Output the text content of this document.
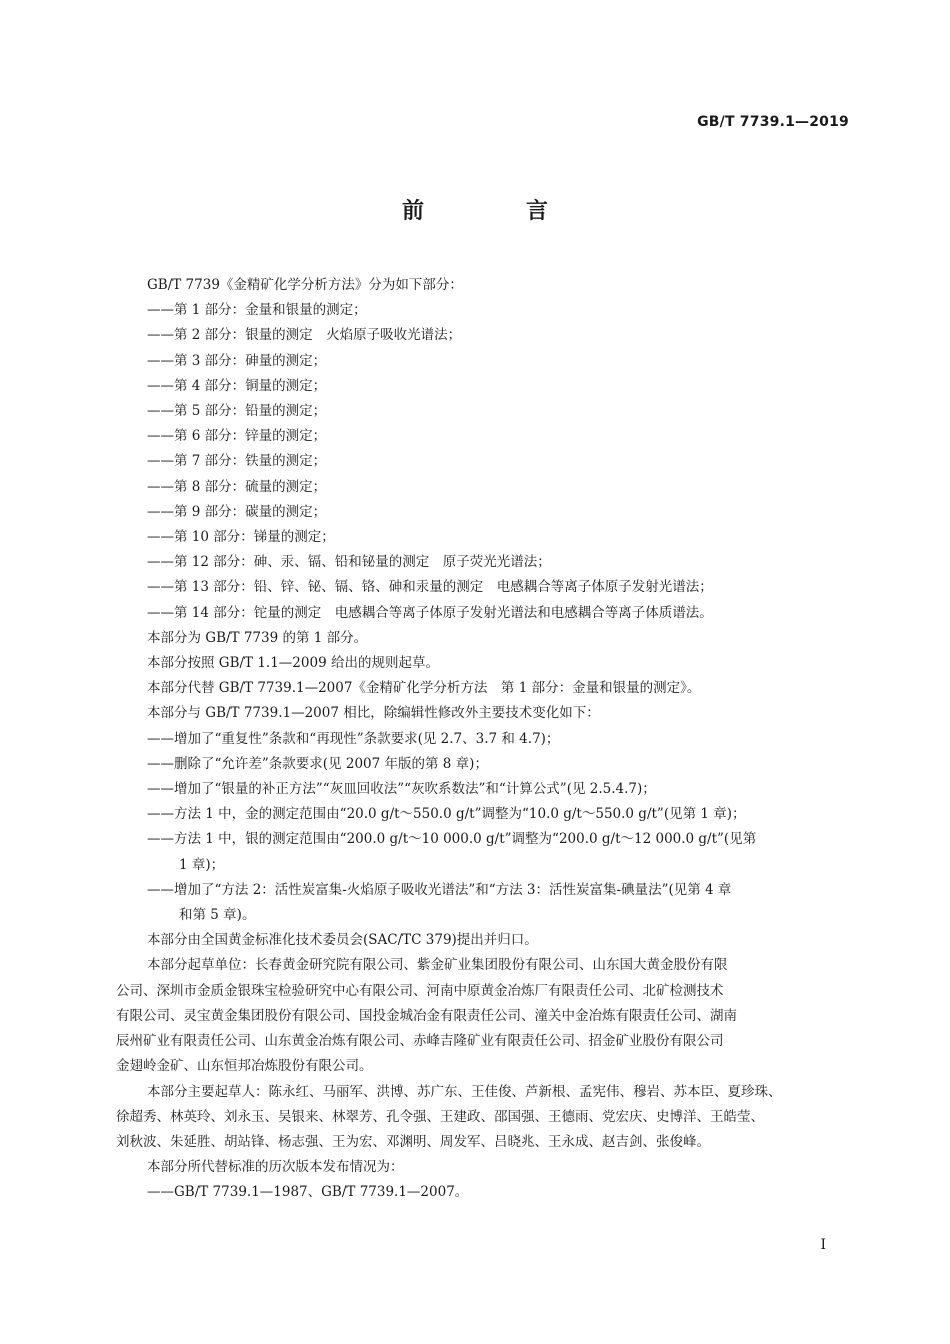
GB/T 7739.1—2019
前　言
GB/T 7739《金精矿化学分析方法》分为如下部分：
——第 1 部分：金量和银量的测定；
——第 2 部分：银量的测定　火焰原子吸收光谱法；
——第 3 部分：砷量的测定；
——第 4 部分：铜量的测定；
——第 5 部分：铅量的测定；
——第 6 部分：锌量的测定；
——第 7 部分：铁量的测定；
——第 8 部分：硫量的测定；
——第 9 部分：碳量的测定；
——第 10 部分：锑量的测定；
——第 12 部分：砷、汞、镉、铅和铋量的测定　原子荧光光谱法；
——第 13 部分：铅、锌、铋、镉、铬、砷和汞量的测定　电感耦合等离子体原子发射光谱法；
——第 14 部分：铊量的测定　电感耦合等离子体原子发射光谱法和电感耦合等离子体质谱法。
本部分为 GB/T 7739 的第 1 部分。
本部分按照 GB/T 1.1—2009 给出的规则起草。
本部分代替 GB/T 7739.1—2007《金精矿化学分析方法　第 1 部分：金量和银量的测定》。
本部分与 GB/T 7739.1—2007 相比，除编辑性修改外主要技术变化如下：
——增加了“重复性”条款和“再现性”条款要求(见 2.7、3.7 和 4.7)；
——删除了“允许差”条款要求(见 2007 年版的第 8 章)；
——增加了“银量的补正方法”“灰皿回收法”“灰吹系数法”和“计算公式”(见 2.5.4.7)；
——方法 1 中，金的测定范围由“20.0 g/t～550.0 g/t”调整为“10.0 g/t～550.0 g/t”(见第 1 章)；
——方法 1 中，银的测定范围由“200.0 g/t～10 000.0 g/t”调整为“200.0 g/t～12 000.0 g/t”(见第
1 章)；
——增加了“方法 2：活性炭富集-火焰原子吸收光谱法”和“方法 3：活性炭富集-碘量法”(见第 4 章
和第 5 章)。
本部分由全国黄金标准化技术委员会(SAC/TC 379)提出并归口。
本部分起草单位：长春黄金研究院有限公司、紫金矿业集团股份有限公司、山东国大黄金股份有限
公司、深圳市金质金银珠宝检验研究中心有限公司、河南中原黄金冶炼厂有限责任公司、北矿检测技术
有限公司、灵宝黄金集团股份有限公司、国投金城冶金有限责任公司、潼关中金冶炼有限责任公司、湖南
辰州矿业有限责任公司、山东黄金冶炼有限公司、赤峰吉隆矿业有限责任公司、招金矿业股份有限公司
金翅岭金矿、山东恒邦冶炼股份有限公司。
本部分主要起草人：陈永红、马丽军、洪博、苏广东、王佳俊、芦新根、孟宪伟、穆岩、苏本臣、夏珍珠、
徐超秀、林英玲、刘永玉、吴银来、林翠芳、孔令强、王建政、邵国强、王德雨、党宏庆、史博洋、王皓莹、
刘秋波、朱延胜、胡站锋、杨志强、王为宏、邓渊明、周发军、吕晓兆、王永成、赵吉剑、张俊峰。
本部分所代替标准的历次版本发布情况为：
——GB/T 7739.1—1987、GB/T 7739.1—2007。
I
